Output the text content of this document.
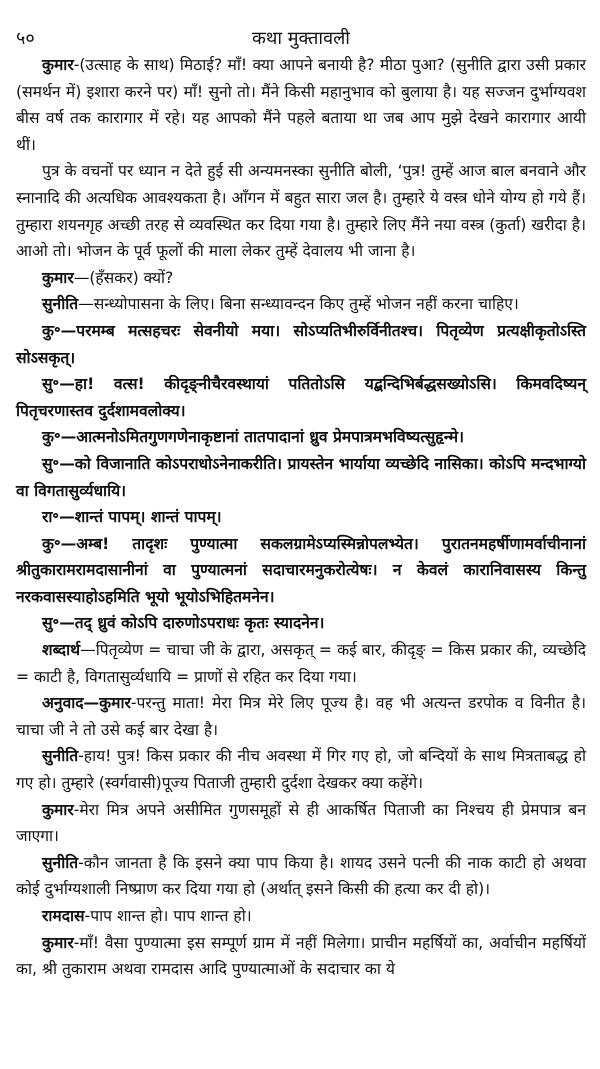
५०	कथा मुक्तावली

कुमार-(उत्साह के साथ) मिठाई? माँ! क्या आपने बनायी है? मीठा पुआ? (सुनीति द्वारा उसी प्रकार (समर्थन में) इशारा करने पर) माँ! सुनो तो। मैंने किसी महानुभाव को बुलाया है। यह सज्जन दुर्भाग्यवश बीस वर्ष तक कारागार में रहे। यह आपको मैंने पहले बताया था जब आप मुझे देखने कारागार आयी थीं।

पुत्र के वचनों पर ध्यान न देते हुई सी अन्यमनस्का सुनीति बोली, ‘पुत्र! तुम्हें आज बाल बनवाने और स्नानादि की अत्यधिक आवश्यकता है। आँगन में बहुत सारा जल है। तुम्हारे ये वस्त्र धोने योग्य हो गये हैं। तुम्हारा शयनगृह अच्छी तरह से व्यवस्थित कर दिया गया है। तुम्हारे लिए मैंने नया वस्त्र (कुर्ता) खरीदा है। आओ तो। भोजन के पूर्व फूलों की माला लेकर तुम्हें देवालय भी जाना है।

कुमार—(हँसकर) क्यों?

सुनीति—सन्ध्योपासना के लिए। बिना सन्ध्यावन्दन किए तुम्हें भोजन नहीं करना चाहिए।

कु॰—परमम्ब मत्सहचरः सेवनीयो मया। सोऽप्यतिभीरुर्विनीतश्च। पितृव्येण प्रत्यक्षीकृतोऽस्ति सोऽसकृत्।

सु॰—हा! वत्स! कीदृङ्नीचैरवस्थायां पतितोऽसि यद्बन्दिभिर्बद्धसख्योऽसि। किमवदिष्यन् पितृचरणास्तव दुर्दशामवलोक्य।

कु॰—आत्मनोऽमितगुणगणेनाकृष्टानां तातपादानां ध्रुव प्रेमपात्रमभविष्यत्सुहृन्मे।

सु॰—को विजानाति कोऽपराधोऽनेनाकरीति। प्रायस्तेन भार्याया व्यच्छेदि नासिका। कोऽपि मन्दभाग्यो वा विगतासुर्व्यधायि।

रा॰—शान्तं पापम्। शान्तं पापम्।

कु॰—अम्ब! तादृशः पुण्यात्मा सकलग्रामेऽप्यस्मिन्नोपलभ्येत। पुरातनमहर्षीणामर्वाचीनानां श्रीतुकारामरामदासानीनां वा पुण्यात्मनां सदाचारमनुकरोत्येषः। न केवलं कारानिवासस्य किन्तु नरकवासस्याहोऽहमिति भूयो भूयोऽभिहितमनेन।

सु॰—तद् ध्रुवं कोऽपि दारुणोऽपराधः कृतः स्यादनेन।

शब्दार्थ—पितृव्येण = चाचा जी के द्वारा, असकृत् = कई बार, कीदृङ् = किस प्रकार की, व्यच्छेदि = काटी है, विगतासुर्व्यधायि = प्राणों से रहित कर दिया गया।

अनुवाद—कुमार-परन्तु माता! मेरा मित्र मेरे लिए पूज्य है। वह भी अत्यन्त डरपोक व विनीत है। चाचा जी ने तो उसे कई बार देखा है।

सुनीति-हाय! पुत्र! किस प्रकार की नीच अवस्था में गिर गए हो, जो बन्दियों के साथ मित्रताबद्ध हो गए हो। तुम्हारे (स्वर्गवासी)पूज्य पिताजी तुम्हारी दुर्दशा देखकर क्या कहेंगे।

कुमार-मेरा मित्र अपने असीमित गुणसमूहों से ही आकर्षित पिताजी का निश्चय ही प्रेमपात्र बन जाएगा।

सुनीति-कौन जानता है कि इसने क्या पाप किया है। शायद उसने पत्नी की नाक काटी हो अथवा कोई दुर्भाग्यशाली निष्प्राण कर दिया गया हो (अर्थात् इसने किसी की हत्या कर दी हो)।

रामदास-पाप शान्त हो। पाप शान्त हो।

कुमार-माँ! वैसा पुण्यात्मा इस सम्पूर्ण ग्राम में नहीं मिलेगा। प्राचीन महर्षियों का, अर्वाचीन महर्षियों का, श्री तुकाराम अथवा रामदास आदि पुण्यात्माओं के सदाचार का ये
